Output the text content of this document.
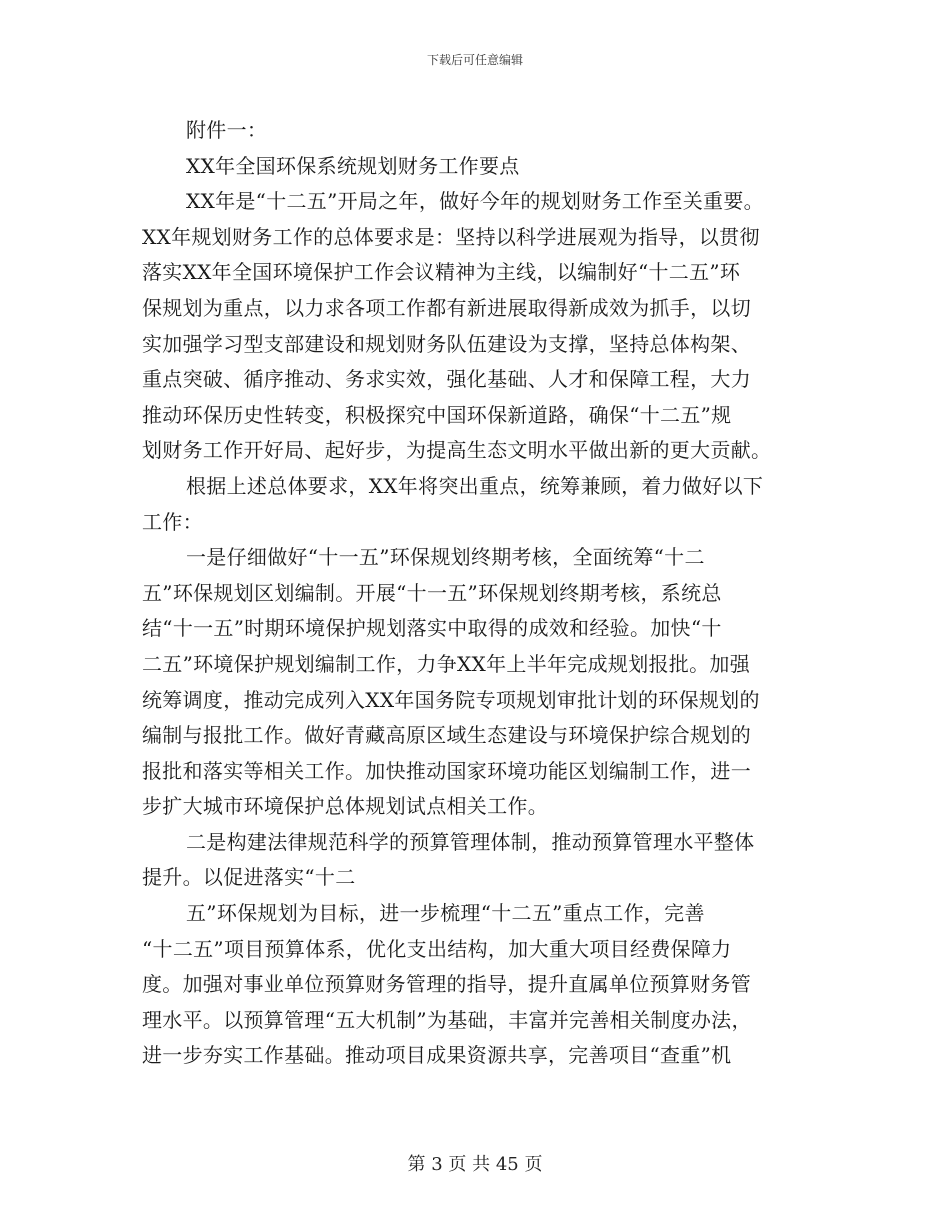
下载后可任意编辑
附件一：
XX年全国环保系统规划财务工作要点
XX年是“十二五”开局之年，做好今年的规划财务工作至关重要。
XX年规划财务工作的总体要求是：坚持以科学进展观为指导，以贯彻
落实XX年全国环境保护工作会议精神为主线，以编制好“十二五”环
保规划为重点，以力求各项工作都有新进展取得新成效为抓手，以切
实加强学习型支部建设和规划财务队伍建设为支撑，坚持总体构架、
重点突破、循序推动、务求实效，强化基础、人才和保障工程，大力
推动环保历史性转变，积极探究中国环保新道路，确保“十二五”规
划财务工作开好局、起好步，为提高生态文明水平做出新的更大贡献。
根据上述总体要求，XX年将突出重点，统筹兼顾，着力做好以下
工作：
一是仔细做好“十一五”环保规划终期考核，全面统筹“十二
五”环保规划区划编制。开展“十一五”环保规划终期考核，系统总
结“十一五”时期环境保护规划落实中取得的成效和经验。加快“十
二五”环境保护规划编制工作，力争XX年上半年完成规划报批。加强
统筹调度，推动完成列入XX年国务院专项规划审批计划的环保规划的
编制与报批工作。做好青藏高原区域生态建设与环境保护综合规划的
报批和落实等相关工作。加快推动国家环境功能区划编制工作，进一
步扩大城市环境保护总体规划试点相关工作。
二是构建法律规范科学的预算管理体制，推动预算管理水平整体
提升。以促进落实“十二
五”环保规划为目标，进一步梳理“十二五”重点工作，完善
“十二五”项目预算体系，优化支出结构，加大重大项目经费保障力
度。加强对事业单位预算财务管理的指导，提升直属单位预算财务管
理水平。以预算管理“五大机制”为基础，丰富并完善相关制度办法，
进一步夯实工作基础。推动项目成果资源共享，完善项目“查重”机
第 3 页 共 45 页
